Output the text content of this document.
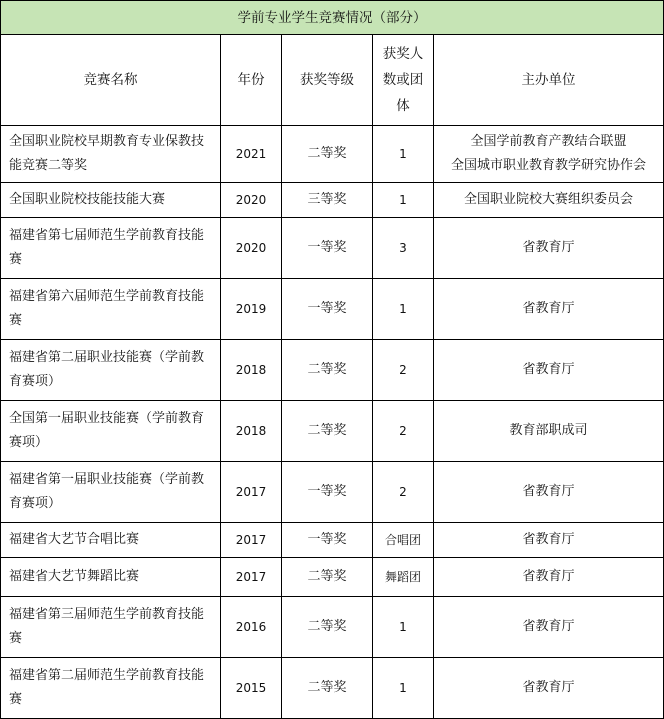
学前专业学生竞赛情况（部分）				
竞赛名称	年份	获奖等级	获奖人数或团体	主办单位
全国职业院校早期教育专业保教技能竞赛二等奖	2021	二等奖	1	全国学前教育产教结合联盟
全国城市职业教育教学研究协作会
全国职业院校技能技能大赛	2020	三等奖	1	全国职业院校大赛组织委员会
福建省第七届师范生学前教育技能赛	2020	一等奖	3	省教育厅
福建省第六届师范生学前教育技能赛	2019	一等奖	1	省教育厅
福建省第二届职业技能赛（学前教育赛项）	2018	二等奖	2	省教育厅
全国第一届职业技能赛（学前教育赛项）	2018	二等奖	2	教育部职成司
福建省第一届职业技能赛（学前教育赛项）	2017	一等奖	2	省教育厅
福建省大艺节合唱比赛	2017	一等奖	合唱团	省教育厅
福建省大艺节舞蹈比赛	2017	二等奖	舞蹈团	省教育厅
福建省第三届师范生学前教育技能赛	2016	二等奖	1	省教育厅
福建省第二届师范生学前教育技能赛	2015	二等奖	1	省教育厅
